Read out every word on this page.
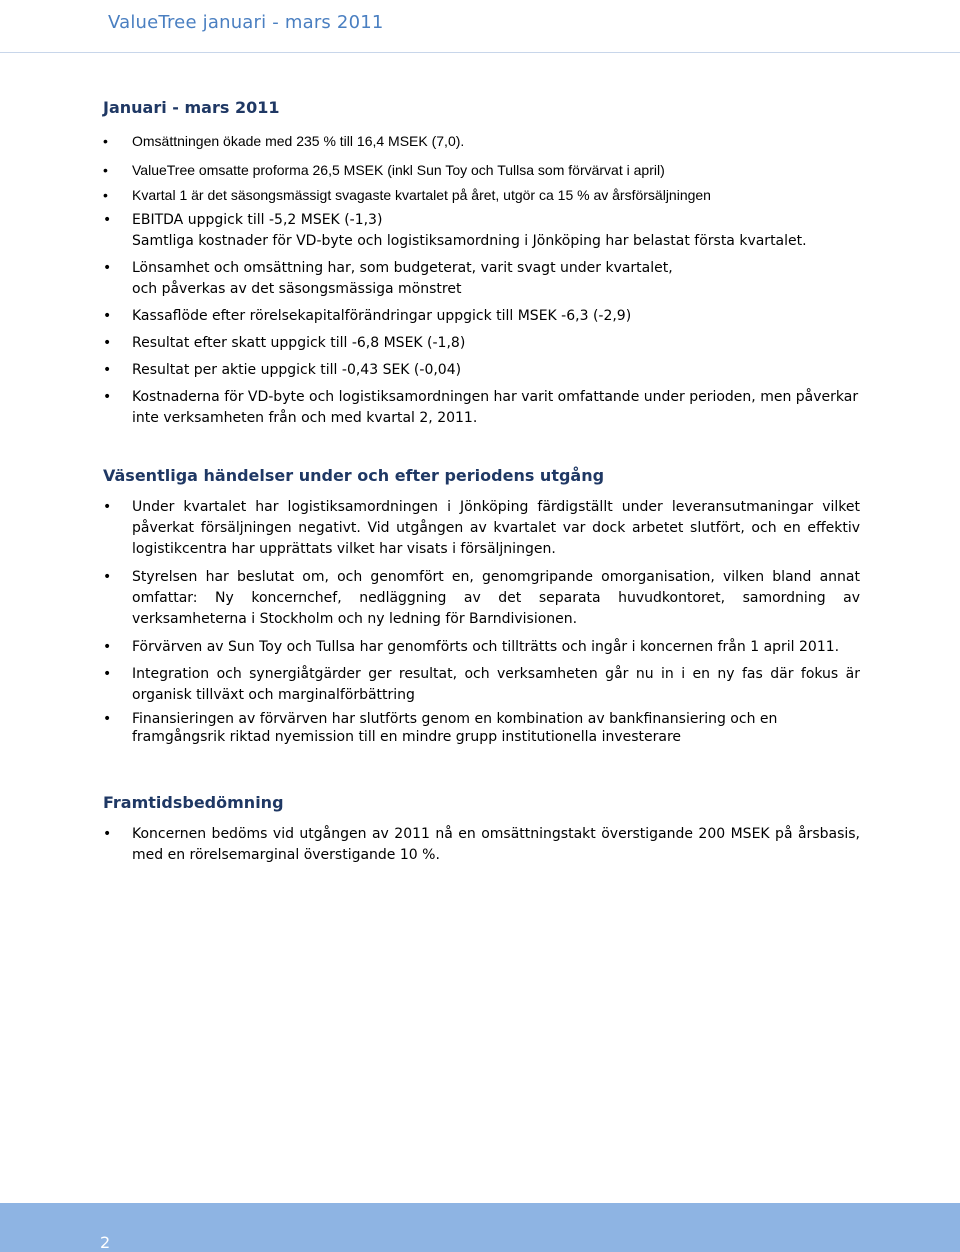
ValueTree januari - mars 2011
Januari - mars 2011
• Omsättningen ökade med 235 % till 16,4 MSEK (7,0).
• ValueTree omsatte proforma 26,5 MSEK (inkl Sun Toy och Tullsa som förvärvat i april)
• Kvartal 1 är det säsongsmässigt svagaste kvartalet på året, utgör ca 15 % av årsförsäljningen
• EBITDA uppgick till -5,2 MSEK (-1,3)
Samtliga kostnader för VD-byte och logistiksamordning i Jönköping har belastat första kvartalet.
• Lönsamhet och omsättning har, som budgeterat, varit svagt under kvartalet,
och påverkas av det säsongsmässiga mönstret
• Kassaflöde efter rörelsekapitalförändringar uppgick till MSEK -6,3 (-2,9)
• Resultat efter skatt uppgick till -6,8 MSEK (-1,8)
• Resultat per aktie uppgick till -0,43 SEK (-0,04)
• Kostnaderna för VD-byte och logistiksamordningen har varit omfattande under perioden, men påverkar inte verksamheten från och med kvartal 2, 2011.
Väsentliga händelser under och efter periodens utgång
• Under kvartalet har logistiksamordningen i Jönköping färdigställt under leveransutmaningar vilket påverkat försäljningen negativt. Vid utgången av kvartalet var dock arbetet slutfört, och en effektiv logistikcentra har upprättats vilket har visats i försäljningen.
• Styrelsen har beslutat om, och genomfört en, genomgripande omorganisation, vilken bland annat omfattar: Ny koncernchef, nedläggning av det separata huvudkontoret, samordning av verksamheterna i Stockholm och ny ledning för Barndivisionen.
• Förvärven av Sun Toy och Tullsa har genomförts och tillträtts och ingår i koncernen från 1 april 2011.
• Integration och synergiåtgärder ger resultat, och verksamheten går nu in i en ny fas där fokus är organisk tillväxt och marginalförbättring
• Finansieringen av förvärven har slutförts genom en kombination av bankfinansiering och en framgångsrik riktad nyemission till en mindre grupp institutionella investerare
Framtidsbedömning
• Koncernen bedöms vid utgången av 2011 nå en omsättningstakt överstigande 200 MSEK på årsbasis, med en rörelsemarginal överstigande 10 %.
2
